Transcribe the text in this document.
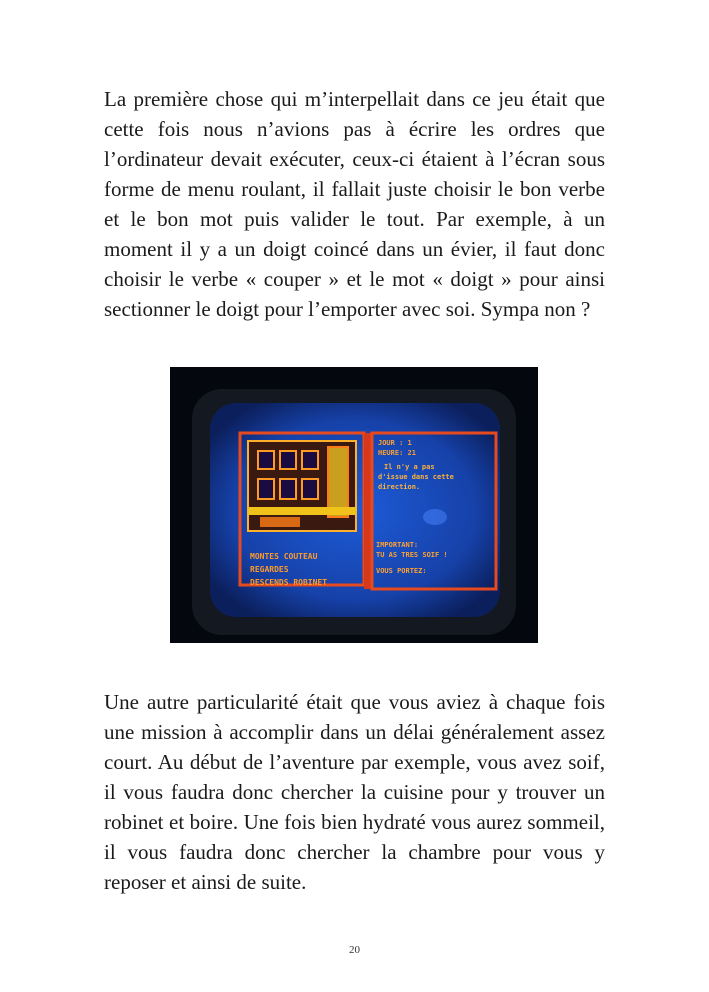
La première chose qui m’interpellait dans ce jeu était que cette fois nous n’avions pas à écrire les ordres que l’ordinateur devait exécuter, ceux-ci étaient à l’écran sous forme de menu roulant, il fallait juste choisir le bon verbe et le bon mot puis valider le tout. Par exemple, à un moment il y a un doigt coincé dans un évier, il faut donc choisir le verbe « couper » et le mot « doigt » pour ainsi sectionner le doigt pour l’emporter avec soi. Sympa non ?

MONTES COUTEAU
REGARDES
DESCENDS ROBINET
JOUR : 1
HEURE: 21
Il n'y a pas
d'issue dans cette
direction.
IMPORTANT:
TU AS TRES SOIF !
VOUS PORTEZ:

Une autre particularité était que vous aviez à chaque fois une mission à accomplir dans un délai généralement assez court. Au début de l’aventure par exemple, vous avez soif, il vous faudra donc chercher la cuisine pour y trouver un robinet et boire. Une fois bien hydraté vous aurez sommeil, il vous faudra donc chercher la chambre pour vous y reposer et ainsi de suite.

20
